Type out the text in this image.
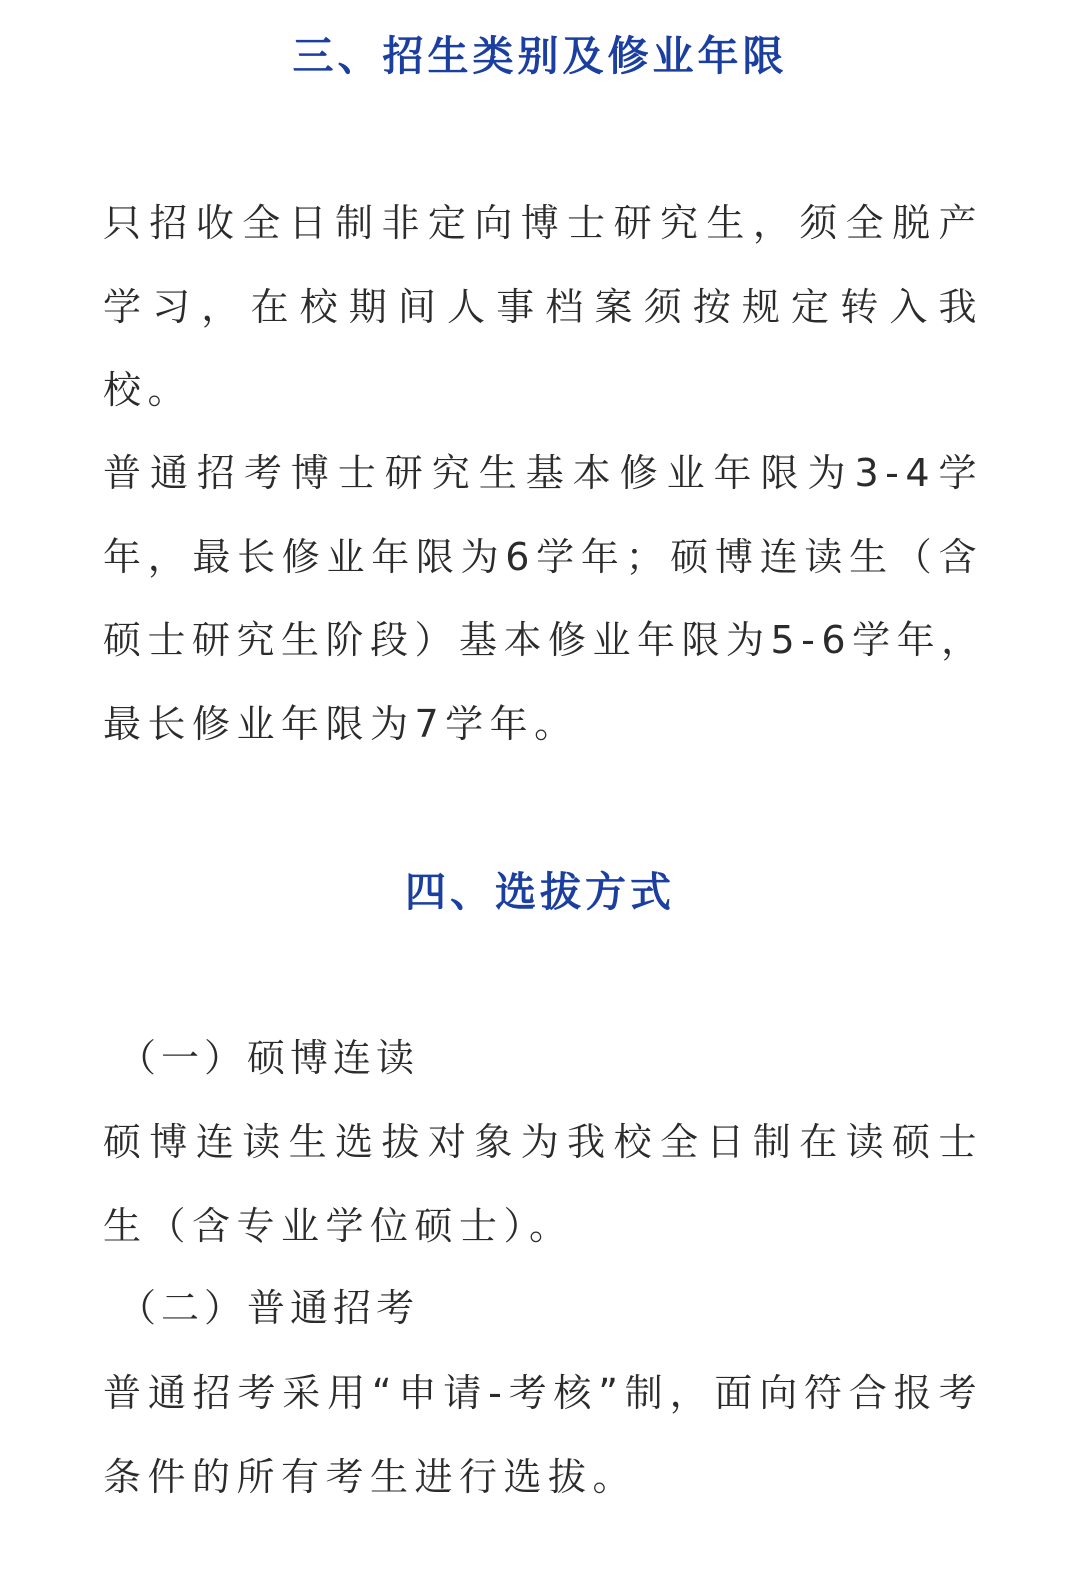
三、招生类别及修业年限
只招收全日制非定向博士研究生，须全脱产
学习，在校期间人事档案须按规定转入我
校。
普通招考博士研究生基本修业年限为3-4学
年，最长修业年限为6学年；硕博连读生（含
硕士研究生阶段）基本修业年限为5-6学年，
最长修业年限为7学年。
四、选拔方式
（一）硕博连读
硕博连读生选拔对象为我校全日制在读硕士
生（含专业学位硕士）。
（二）普通招考
普通招考采用“申请-考核”制，面向符合报考
条件的所有考生进行选拔。
